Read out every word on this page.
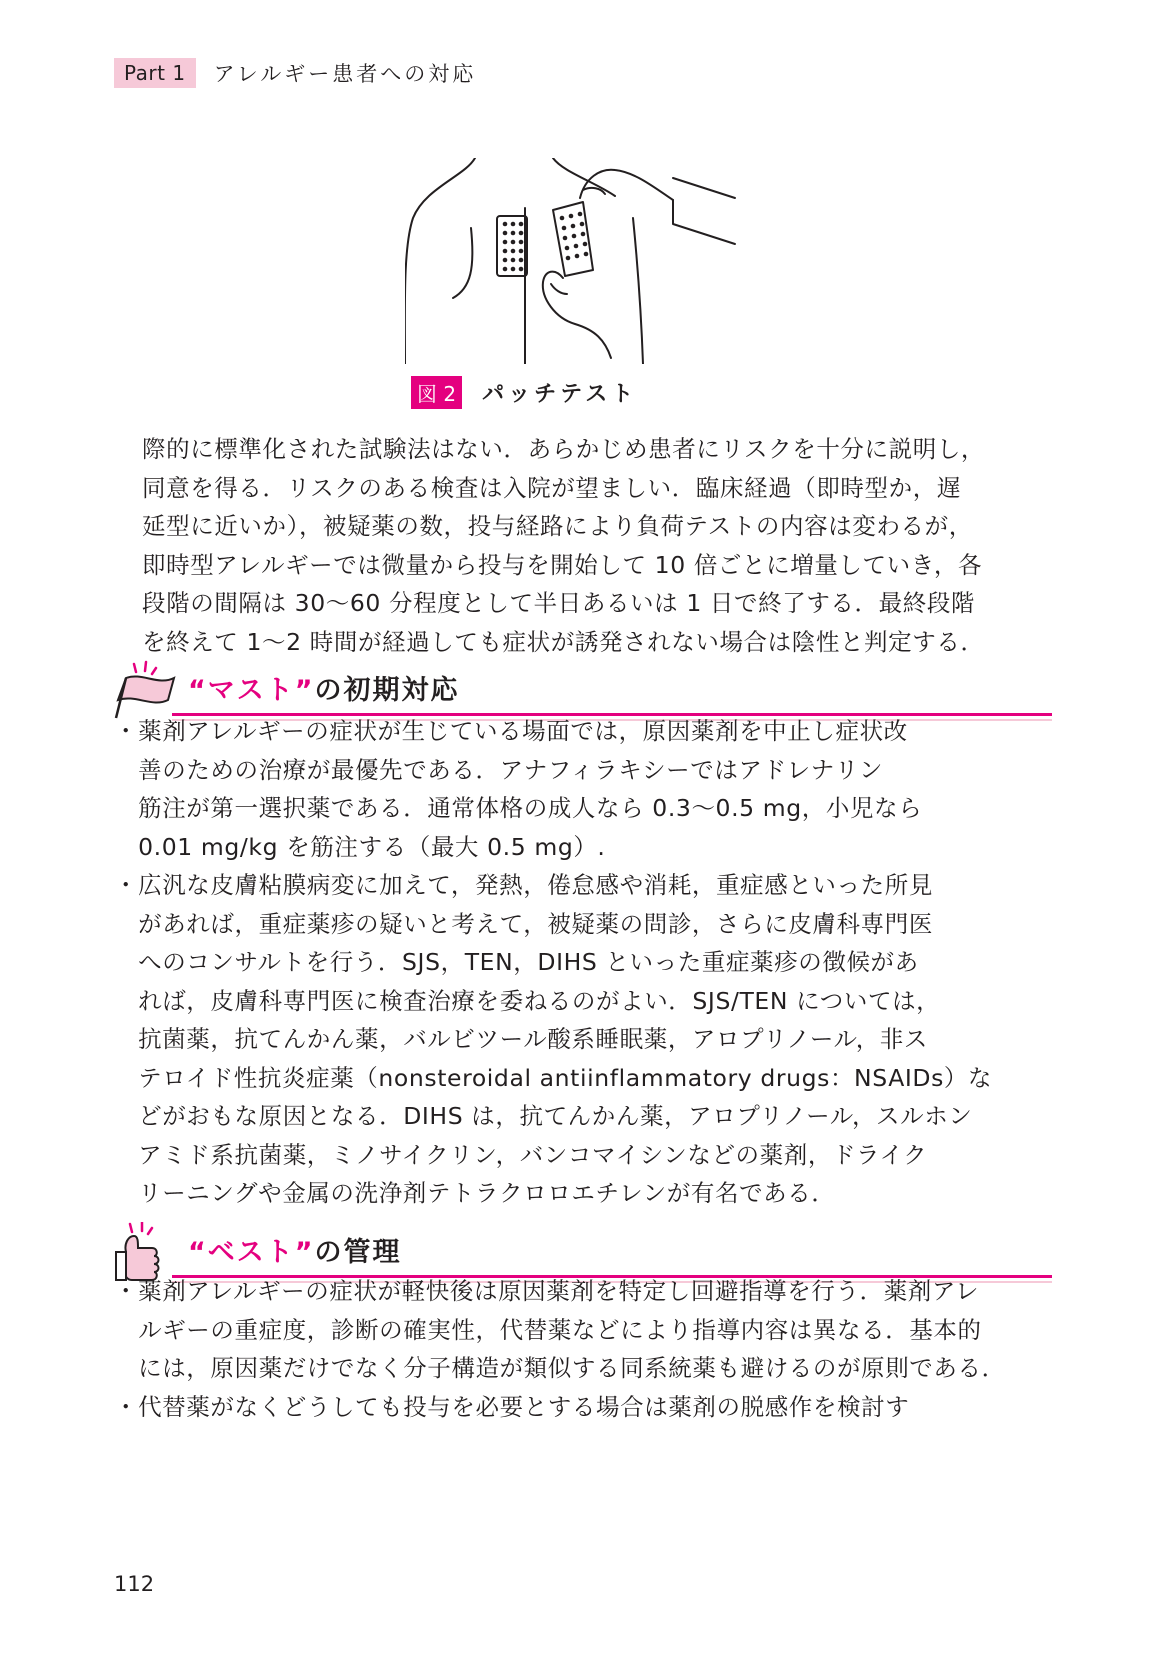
Part 1	アレルギー患者への対応
図 2 パッチテスト

際的に標準化された試験法はない．あらかじめ患者にリスクを十分に説明し，

同意を得る．リスクのある検査は入院が望ましい．臨床経過（即時型か，遅

延型に近いか），被疑薬の数，投与経路により負荷テストの内容は変わるが，

即時型アレルギーでは微量から投与を開始して 10 倍ごとに増量していき，各

段階の間隔は 30〜60 分程度として半日あるいは 1 日で終了する．最終段階

を終えて 1〜2 時間が経過しても症状が誘発されない場合は陰性と判定する．

“マスト”の初期対応

・薬剤アレルギーの症状が生じている場面では，原因薬剤を中止し症状改

　善のための治療が最優先である．アナフィラキシーではアドレナリン

　筋注が第一選択薬である．通常体格の成人なら 0.3〜0.5 mg，小児なら

　0.01 mg/kg を筋注する（最大 0.5 mg）.

・広汎な皮膚粘膜病変に加えて，発熱，倦怠感や消耗，重症感といった所見

　があれば，重症薬疹の疑いと考えて，被疑薬の問診，さらに皮膚科専門医

　へのコンサルトを行う．SJS，TEN，DIHS といった重症薬疹の徴候があ

　れば，皮膚科専門医に検査治療を委ねるのがよい．SJS/TEN については，

　抗菌薬，抗てんかん薬，バルビツール酸系睡眠薬，アロプリノール，非ス

　テロイド性抗炎症薬（nonsteroidal antiinflammatory drugs：NSAIDs）な

　どがおもな原因となる．DIHS は，抗てんかん薬，アロプリノール，スルホン

　アミド系抗菌薬，ミノサイクリン，バンコマイシンなどの薬剤，ドライク

　リーニングや金属の洗浄剤テトラクロロエチレンが有名である．

“ベスト”の管理

・薬剤アレルギーの症状が軽快後は原因薬剤を特定し回避指導を行う．薬剤アレ

　ルギーの重症度，診断の確実性，代替薬などにより指導内容は異なる．基本的

　には，原因薬だけでなく分子構造が類似する同系統薬も避けるのが原則である．

・代替薬がなくどうしても投与を必要とする場合は薬剤の脱感作を検討す

112
